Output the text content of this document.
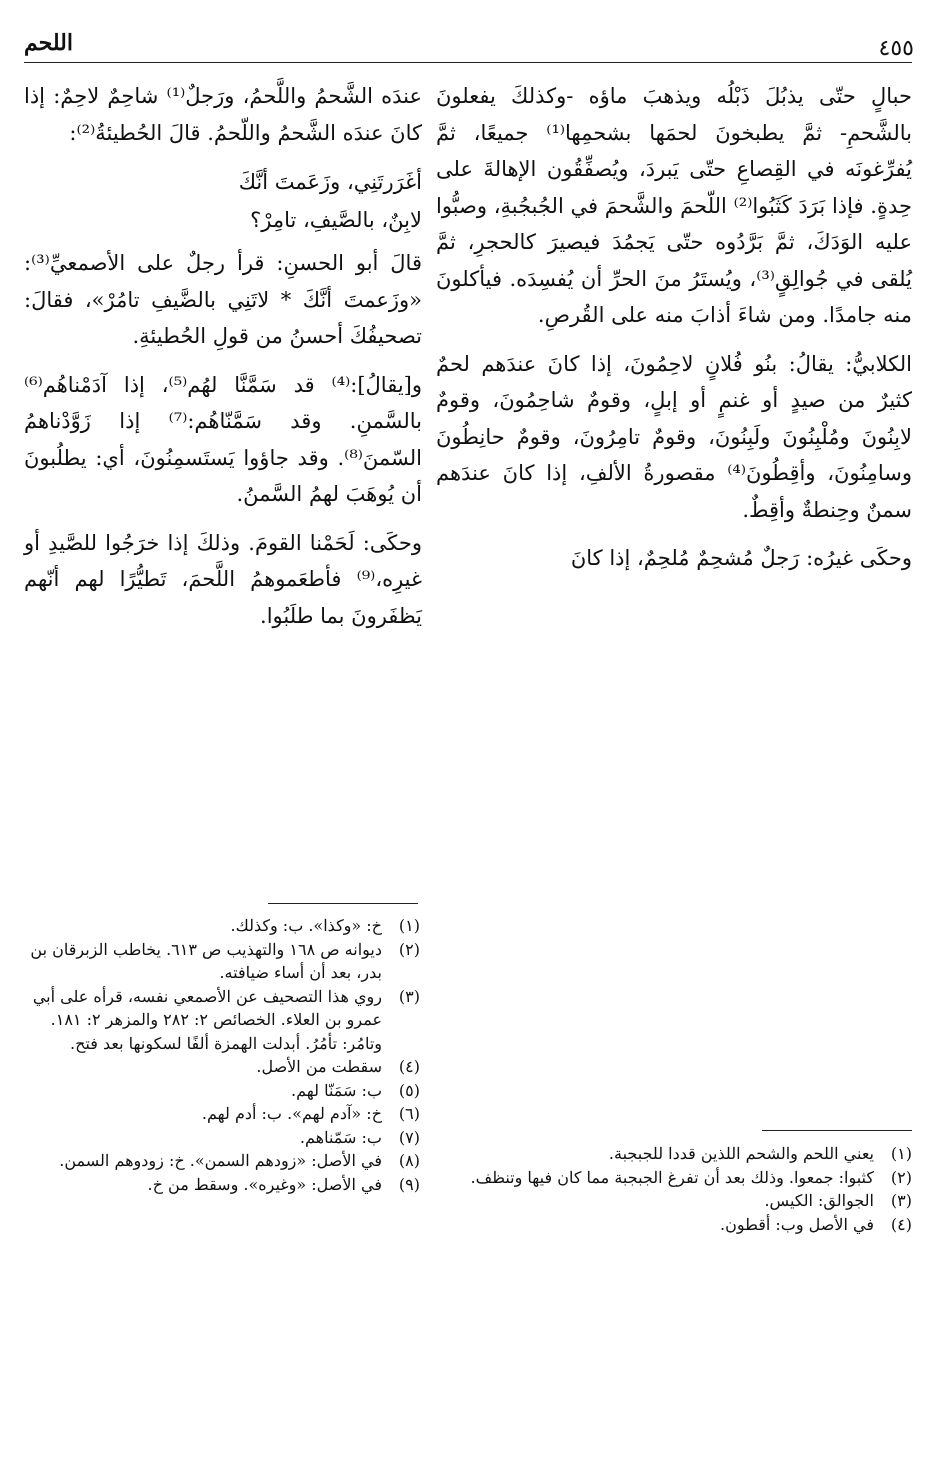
٤٥٥
اللحم

حبالٍ حتّى يذبُلَ ذَبْلُه ويذهبَ ماؤه -وكذلكَ يفعلونَ بالشَّحمِ- ثمَّ يطبخونَ لحمَها بشحمِها⁽¹⁾ جميعًا، ثمَّ يُفرِّغونَه في القِصاعِ حتّى يَبردَ، ويُصفِّقُون الإهالةَ على حِدةٍ. فإذا بَرَدَ كَثَبُوا⁽²⁾ اللّحمَ والشَّحمَ في الجُبجُبةِ، وصبُّوا عليه الوَدَكَ، ثمَّ بَرَّدُوه حتّى يَجمُدَ فيصيرَ كالحجرِ، ثمَّ يُلقى في جُوالِقٍ⁽³⁾، ويُستَرُ منَ الحرِّ أن يُفسِدَه. فيأكلونَ منه جامدًا. ومن شاءَ أذابَ منه على القُرصِ.

الكلابيُّ: يقالُ: بنُو فُلانٍ لاحِمُونَ، إذا كانَ عندَهم لحمٌ كثيرٌ من صيدٍ أو غنمٍ أو إبلٍ، وقومٌ شاحِمُونَ، وقومٌ لابِنُونَ ومُلْبِنُونَ ولَبِنُونَ، وقومٌ تامِرُونَ، وقومٌ حانِطُونَ وسامِنُونَ، وأقِطُونَ⁽⁴⁾ مقصورةُ الألفِ، إذا كانَ عندَهم سمنٌ وحِنطةٌ وأقِطٌ.

وحكَى غيرُه: رَجلٌ مُشحِمٌ مُلحِمٌ، إذا كانَ

عندَه الشَّحمُ واللَّحمُ، ورَجلٌ⁽¹⁾ شاحِمٌ لاحِمٌ: إذا كانَ عندَه الشَّحمُ واللّحمُ. قالَ الحُطيئةُ⁽²⁾:

أغَرَرتَنِي، وزَعَمتَ أنَّكَ
لابِنٌ، بالصَّيفِ، تامِرْ؟

قالَ أبو الحسنِ: قرأ رجلٌ على الأصمعيِّ⁽³⁾: «وزَعمتَ أنَّكَ * لاتَنِي بالضَّيفِ تامُرْ»، فقالَ: تصحيفُكَ أحسنُ من قولِ الحُطيئةِ.

و[يقالُ]:⁽⁴⁾ قد سَمَّنَّا لهُم⁽⁵⁾، إذا آدَمْناهُم⁽⁶⁾ بالسَّمنِ. وقد سَمَّنّاهُم:⁽⁷⁾ إذا زَوَّدْناهمُ السّمنَ⁽⁸⁾. وقد جاؤوا يَستَسمِنُونَ، أي: يطلُبونَ أن يُوهَبَ لهمُ السَّمنُ.

وحكَى: لَحَمْنا القومَ. وذلكَ إذا خرَجُوا للصَّيدِ أو غيرِه،⁽⁹⁾ فأطعَموهمُ اللَّحمَ، تَطيُّرًا لهم أنّهم يَظفَرونَ بما طلَبُوا.

(١)
خ: «وكذا». ب: وكذلك.
(٢)
ديوانه ص ١٦٨ والتهذيب ص ٦١٣. يخاطب الزبرقان بن بدر، بعد أن أساء ضيافته.
(٣)
روي هذا التصحيف عن الأصمعي نفسه، قرأه على أبي عمرو بن العلاء. الخصائص ٢: ٢٨٢ والمزهر ٢: ١٨١. وتامُر: تأمُرُ. أبدلت الهمزة ألفًا لسكونها بعد فتح.
(٤)
سقطت من الأصل.
(٥)
ب: سَمَنّا لهم.
(٦)
خ: «آدم لهم». ب: أدم لهم.
(٧)
ب: سَمّناهم.
(٨)
في الأصل: «زودهم السمن». خ: زودوهم السمن.
(٩)
في الأصل: «وغيره». وسقط من خ.
(١)
يعني اللحم والشحم اللذين قددا للجبجبة.
(٢)
كثبوا: جمعوا. وذلك بعد أن تفرغ الجبجبة مما كان فيها وتنظف.
(٣)
الجوالق: الكيس.
(٤)
في الأصل وب: أقطون.
